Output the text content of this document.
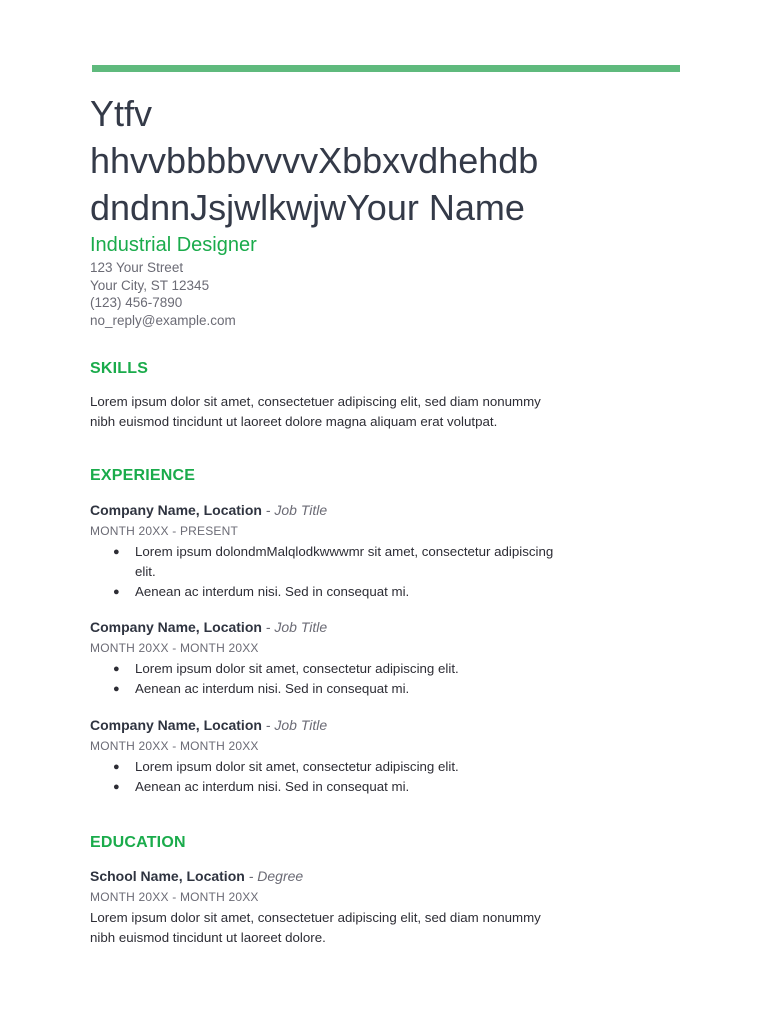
Ytfv
hhvvbbbbvvvvXbbxvdhehdb
dndnnJsjwlkwjwYour Name
Industrial Designer
123 Your Street
Your City, ST 12345
(123) 456-7890
no_reply@example.com
SKILLS
Lorem ipsum dolor sit amet, consectetuer adipiscing elit, sed diam nonummy
nibh euismod tincidunt ut laoreet dolore magna aliquam erat volutpat.
EXPERIENCE
Company Name, Location - Job Title
MONTH 20XX - PRESENT
● Lorem ipsum dolondmMalqlodkwwwmr sit amet, consectetur adipiscing elit.
● Aenean ac interdum nisi. Sed in consequat mi.
Company Name, Location - Job Title
MONTH 20XX - MONTH 20XX
● Lorem ipsum dolor sit amet, consectetur adipiscing elit.
● Aenean ac interdum nisi. Sed in consequat mi.
Company Name, Location - Job Title
MONTH 20XX - MONTH 20XX
● Lorem ipsum dolor sit amet, consectetur adipiscing elit.
● Aenean ac interdum nisi. Sed in consequat mi.
EDUCATION
School Name, Location - Degree
MONTH 20XX - MONTH 20XX
Lorem ipsum dolor sit amet, consectetuer adipiscing elit, sed diam nonummy
nibh euismod tincidunt ut laoreet dolore.
